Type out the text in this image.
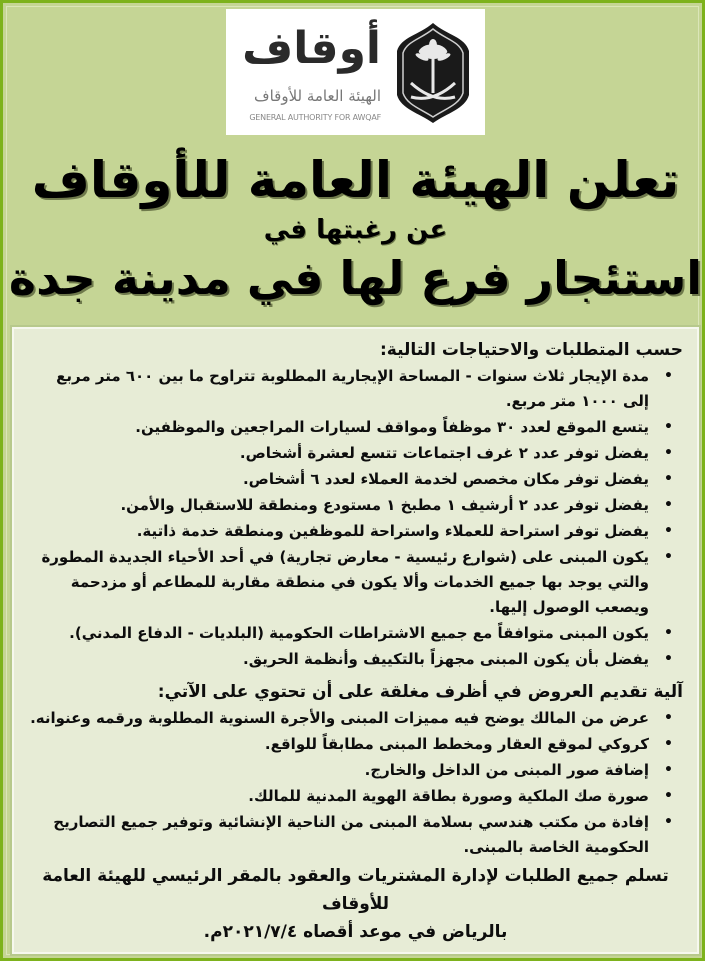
أوقاف
الهيئة العامة للأوقاف
GENERAL AUTHORITY FOR AWQAF
تعلن الهيئة العامة للأوقاف
عن رغبتها في
استئجار فرع لها في مدينة جدة
حسب المتطلبات والاحتياجات التالية:
•
مدة الإيجار ثلاث سنوات - المساحة الإيجارية المطلوبة تتراوح ما بين ٦٠٠ متر مربع إلى ١٠٠٠ متر مربع.
•
يتسع الموقع لعدد ٣٠ موظفاً ومواقف لسيارات المراجعين والموظفين.
•
يفضل توفر عدد ٢ غرف اجتماعات تتسع لعشرة أشخاص.
•
يفضل توفر مكان مخصص لخدمة العملاء لعدد ٦ أشخاص.
•
يفضل توفر عدد ٢ أرشيف ١ مطبخ ١ مستودع ومنطقة للاستقبال والأمن.
•
يفضل توفر استراحة للعملاء واستراحة للموظفين ومنطقة خدمة ذاتية.
•
يكون المبنى على (شوارع رئيسية - معارض تجارية) في أحد الأحياء الجديدة المطورة والتي يوجد بها جميع الخدمات وألا يكون في منطقة مقاربة للمطاعم أو مزدحمة ويصعب الوصول إليها.
•
يكون المبنى متوافقاً مع جميع الاشتراطات الحكومية (البلديات - الدفاع المدني).
•
يفضل بأن يكون المبنى مجهزاً بالتكييف وأنظمة الحريق.
آلية تقديم العروض في أظرف مغلقة على أن تحتوي على الآتي:
•
عرض من المالك يوضح فيه مميزات المبنى والأجرة السنوية المطلوبة ورقمه وعنوانه.
•
كروكي لموقع العقار ومخطط المبنى مطابقاً للواقع.
•
إضافة صور المبنى من الداخل والخارج.
•
صورة صك الملكية وصورة بطاقة الهوية المدنية للمالك.
•
إفادة من مكتب هندسي بسلامة المبنى من الناحية الإنشائية وتوفير جميع التصاريح الحكومية الخاصة بالمبنى.
تسلم جميع الطلبات لإدارة المشتريات والعقود بالمقر الرئيسي للهيئة العامة للأوقاف
بالرياض في موعد أقصاه ٢٠٢١/٧/٤م.
